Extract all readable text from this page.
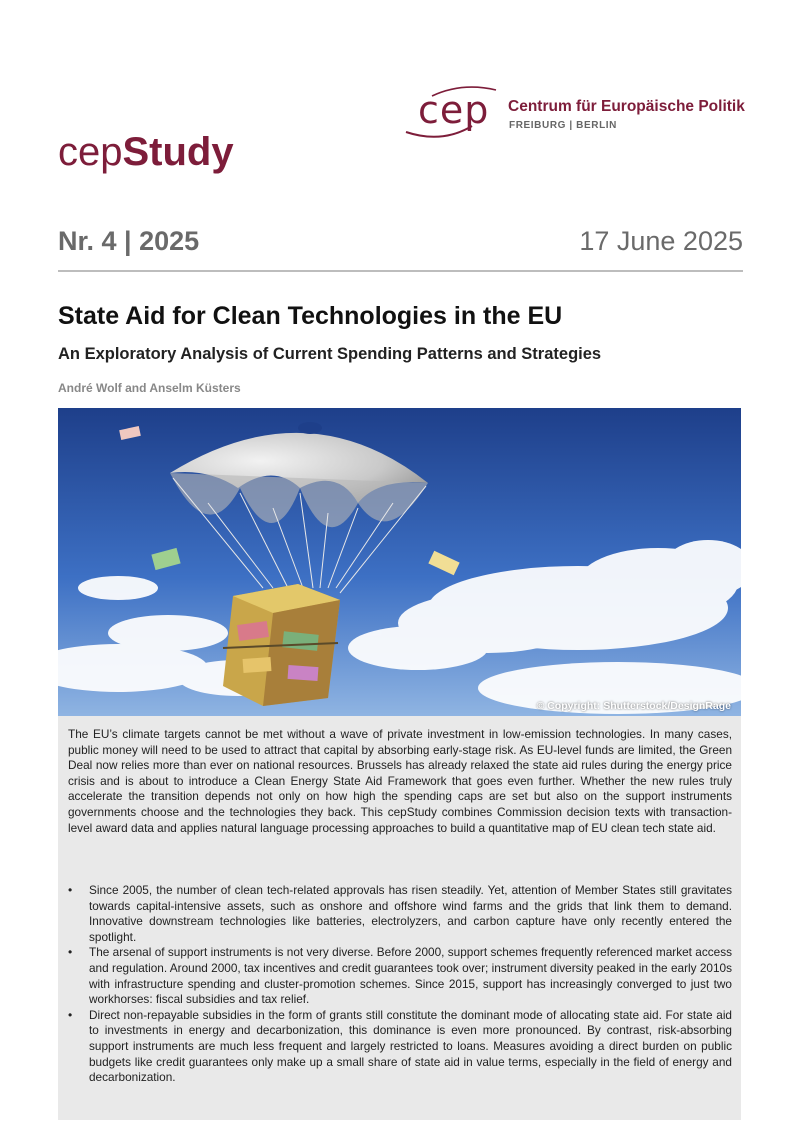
cep Centrum für Europäische Politik
FREIBURG | BERLIN
cepStudy
Nr. 4 | 2025	17 June 2025
State Aid for Clean Technologies in the EU
An Exploratory Analysis of Current Spending Patterns and Strategies
André Wolf and Anselm Küsters
© Copyright: Shutterstock/DesignRage

The EU’s climate targets cannot be met without a wave of private investment in low-emission technologies. In many cases, public money will need to be used to attract that capital by absorbing early-stage risk. As EU-level funds are limited, the Green Deal now relies more than ever on national resources. Brussels has already relaxed the state aid rules during the energy price crisis and is about to introduce a Clean Energy State Aid Framework that goes even further. Whether the new rules truly accelerate the transition depends not only on how high the spending caps are set but also on the support instruments governments choose and the technologies they back. This cepStudy combines Commission decision texts with transaction-level award data and applies natural language processing approaches to build a quantitative map of EU clean tech state aid.

• Since 2005, the number of clean tech-related approvals has risen steadily. Yet, attention of Member States still gravitates towards capital-intensive assets, such as onshore and offshore wind farms and the grids that link them to demand. Innovative downstream technologies like batteries, electrolyzers, and carbon capture have only recently entered the spotlight.
• The arsenal of support instruments is not very diverse. Before 2000, support schemes frequently referenced market access and regulation. Around 2000, tax incentives and credit guarantees took over; instrument diversity peaked in the early 2010s with infrastructure spending and cluster-promotion schemes. Since 2015, support has increasingly converged to just two workhorses: fiscal subsidies and tax relief.
• Direct non-repayable subsidies in the form of grants still constitute the dominant mode of allocating state aid. For state aid to investments in energy and decarbonization, this dominance is even more pronounced. By contrast, risk-absorbing support instruments are much less frequent and largely restricted to loans. Measures avoiding a direct burden on public budgets like credit guarantees only make up a small share of state aid in value terms, especially in the field of energy and decarbonization.
